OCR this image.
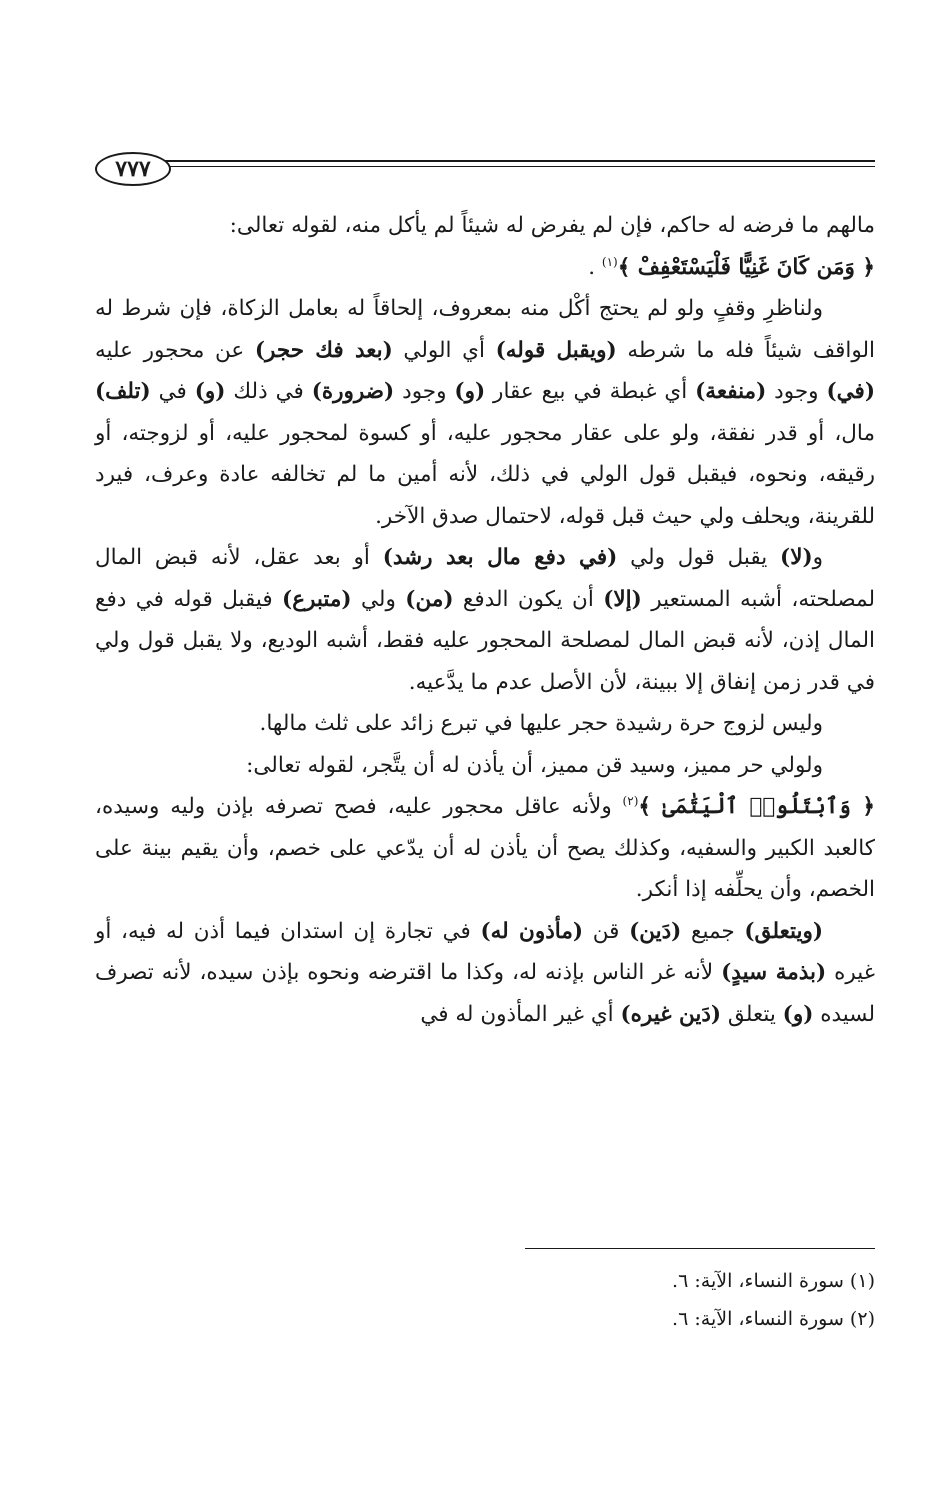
٧٧٧

مالهم ما فرضه له حاكم، فإن لم يفرض له شيئاً لم يأكل منه، لقوله تعالى:
﴿ وَمَن كَانَ غَنِيًّا فَلْيَسْتَعْفِفْ ﴾$^{(١)}$ .

ولناظرِ وقفٍ ولو لم يحتج أكْل منه بمعروف، إلحاقاً له بعامل الزكاة، فإن شرط له الواقف شيئاً فله ما شرطه (ويقبل قوله) أي الولي (بعد فك حجر) عن محجور عليه (في) وجود (منفعة) أي غبطة في بيع عقار (و) وجود (ضرورة) في ذلك (و) في (تلف) مال، أو قدر نفقة، ولو على عقار محجور عليه، أو كسوة لمحجور عليه، أو لزوجته، أو رقيقه، ونحوه، فيقبل قول الولي في ذلك، لأنه أمين ما لم تخالفه عادة وعرف، فيرد للقرينة، ويحلف ولي حيث قبل قوله، لاحتمال صدق الآخر.

و(لا) يقبل قول ولي (في دفع مال بعد رشد) أو بعد عقل، لأنه قبض المال لمصلحته، أشبه المستعير (إلا) أن يكون الدفع (من) ولي (متبرع) فيقبل قوله في دفع المال إذن، لأنه قبض المال لمصلحة المحجور عليه فقط، أشبه الوديع، ولا يقبل قول ولي في قدر زمن إنفاق إلا ببينة، لأن الأصل عدم ما يدَّعيه.

وليس لزوج حرة رشيدة حجر عليها في تبرع زائد على ثلث مالها.

ولولي حر مميز، وسيد قن مميز، أن يأذن له أن يتَّجر، لقوله تعالى:
﴿ وَٱبْتَلُوا۟ ٱلْيَتَٰمَىٰ ﴾$^{(٢)}$ ولأنه عاقل محجور عليه، فصح تصرفه بإذن وليه وسيده، كالعبد الكبير والسفيه، وكذلك يصح أن يأذن له أن يدّعي على خصم، وأن يقيم بينة على الخصم، وأن يحلِّفه إذا أنكر.

(ويتعلق) جميع (دَين) قن (مأذون له) في تجارة إن استدان فيما أذن له فيه، أو غيره (بذمة سيدٍ) لأنه غر الناس بإذنه له، وكذا ما اقترضه ونحوه بإذن سيده، لأنه تصرف لسيده (و) يتعلق (دَين غيره) أي غير المأذون له في

(١) سورة النساء، الآية: ٦.
(٢) سورة النساء، الآية: ٦.
